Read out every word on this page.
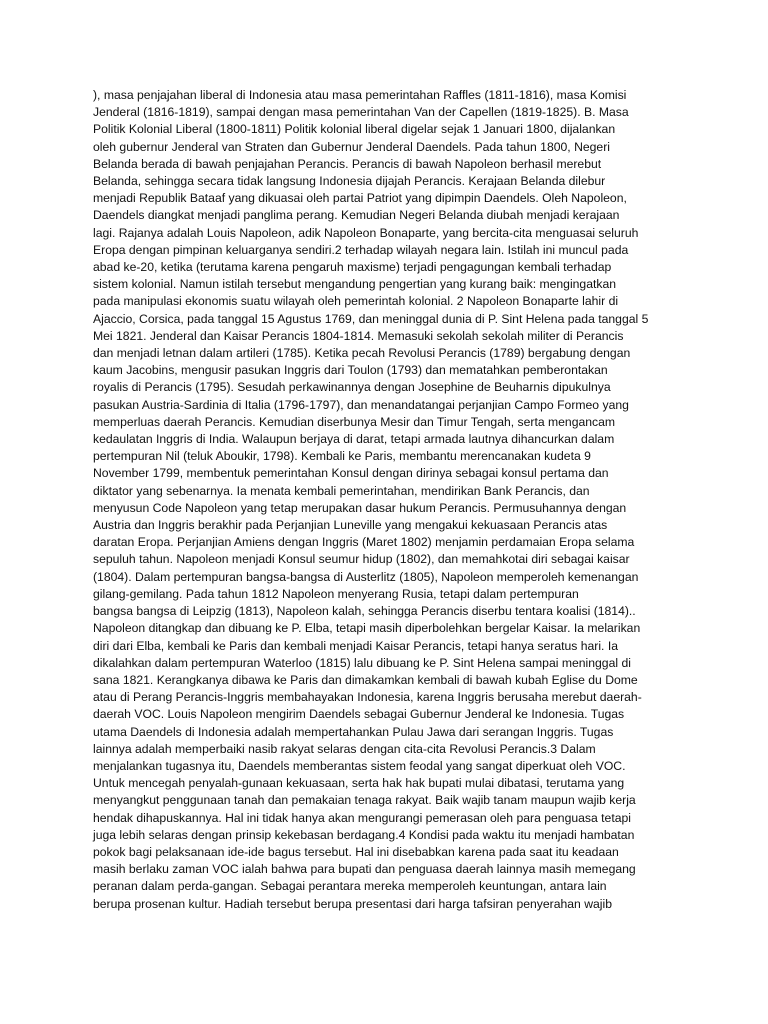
), masa penjajahan liberal di Indonesia atau masa pemerintahan Raffles (1811-1816), masa Komisi
Jenderal (1816-1819), sampai dengan masa pemerintahan Van der Capellen (1819-1825). B. Masa
Politik Kolonial Liberal (1800-1811) Politik kolonial liberal digelar sejak 1 Januari 1800, dijalankan
oleh gubernur Jenderal van Straten dan Gubernur Jenderal Daendels. Pada tahun 1800, Negeri
Belanda berada di bawah penjajahan Perancis. Perancis di bawah Napoleon berhasil merebut
Belanda, sehingga secara tidak langsung Indonesia dijajah Perancis. Kerajaan Belanda dilebur
menjadi Republik Bataaf yang dikuasai oleh partai Patriot yang dipimpin Daendels. Oleh Napoleon,
Daendels diangkat menjadi panglima perang. Kemudian Negeri Belanda diubah menjadi kerajaan
lagi. Rajanya adalah Louis Napoleon, adik Napoleon Bonaparte, yang bercita-cita menguasai seluruh
Eropa dengan pimpinan keluarganya sendiri.2 terhadap wilayah negara lain. Istilah ini muncul pada
abad ke-20, ketika (terutama karena pengaruh maxisme) terjadi pengagungan kembali terhadap
sistem kolonial. Namun istilah tersebut mengandung pengertian yang kurang baik: mengingatkan
pada manipulasi ekonomis suatu wilayah oleh pemerintah kolonial. 2 Napoleon Bonaparte lahir di
Ajaccio, Corsica, pada tanggal 15 Agustus 1769, dan meninggal dunia di P. Sint Helena pada tanggal 5
Mei 1821. Jenderal dan Kaisar Perancis 1804-1814. Memasuki sekolah sekolah militer di Perancis
dan menjadi letnan dalam artileri (1785). Ketika pecah Revolusi Perancis (1789) bergabung dengan
kaum Jacobins, mengusir pasukan Inggris dari Toulon (1793) dan mematahkan pemberontakan
royalis di Perancis (1795). Sesudah perkawinannya dengan Josephine de Beuharnis dipukulnya
pasukan Austria-Sardinia di Italia (1796-1797), dan menandatangai perjanjian Campo Formeo yang
memperluas daerah Perancis. Kemudian diserbunya Mesir dan Timur Tengah, serta mengancam
kedaulatan Inggris di India. Walaupun berjaya di darat, tetapi armada lautnya dihancurkan dalam
pertempuran Nil (teluk Aboukir, 1798). Kembali ke Paris, membantu merencanakan kudeta 9
November 1799, membentuk pemerintahan Konsul dengan dirinya sebagai konsul pertama dan
diktator yang sebenarnya. Ia menata kembali pemerintahan, mendirikan Bank Perancis, dan
menyusun Code Napoleon yang tetap merupakan dasar hukum Perancis. Permusuhannya dengan
Austria dan Inggris berakhir pada Perjanjian Luneville yang mengakui kekuasaan Perancis atas
daratan Eropa. Perjanjian Amiens dengan Inggris (Maret 1802) menjamin perdamaian Eropa selama
sepuluh tahun. Napoleon menjadi Konsul seumur hidup (1802), dan memahkotai diri sebagai kaisar
(1804). Dalam pertempuran bangsa-bangsa di Austerlitz (1805), Napoleon memperoleh kemenangan
gilang-gemilang. Pada tahun 1812 Napoleon menyerang Rusia, tetapi dalam pertempuran
bangsa bangsa di Leipzig (1813), Napoleon kalah, sehingga Perancis diserbu tentara koalisi (1814)..
Napoleon ditangkap dan dibuang ke P. Elba, tetapi masih diperbolehkan bergelar Kaisar. Ia melarikan
diri dari Elba, kembali ke Paris dan kembali menjadi Kaisar Perancis, tetapi hanya seratus hari. Ia
dikalahkan dalam pertempuran Waterloo (1815) lalu dibuang ke P. Sint Helena sampai meninggal di
sana 1821. Kerangkanya dibawa ke Paris dan dimakamkan kembali di bawah kubah Eglise du Dome
atau di Perang Perancis-Inggris membahayakan Indonesia, karena Inggris berusaha merebut daerah-
daerah VOC. Louis Napoleon mengirim Daendels sebagai Gubernur Jenderal ke Indonesia. Tugas
utama Daendels di Indonesia adalah mempertahankan Pulau Jawa dari serangan Inggris. Tugas
lainnya adalah memperbaiki nasib rakyat selaras dengan cita-cita Revolusi Perancis.3 Dalam
menjalankan tugasnya itu, Daendels memberantas sistem feodal yang sangat diperkuat oleh VOC.
Untuk mencegah penyalah-gunaan kekuasaan, serta hak hak bupati mulai dibatasi, terutama yang
menyangkut penggunaan tanah dan pemakaian tenaga rakyat. Baik wajib tanam maupun wajib kerja
hendak dihapuskannya. Hal ini tidak hanya akan mengurangi pemerasan oleh para penguasa tetapi
juga lebih selaras dengan prinsip kekebasan berdagang.4 Kondisi pada waktu itu menjadi hambatan
pokok bagi pelaksanaan ide-ide bagus tersebut. Hal ini disebabkan karena pada saat itu keadaan
masih berlaku zaman VOC ialah bahwa para bupati dan penguasa daerah lainnya masih memegang
peranan dalam perda-gangan. Sebagai perantara mereka memperoleh keuntungan, antara lain
berupa prosenan kultur. Hadiah tersebut berupa presentasi dari harga tafsiran penyerahan wajib
